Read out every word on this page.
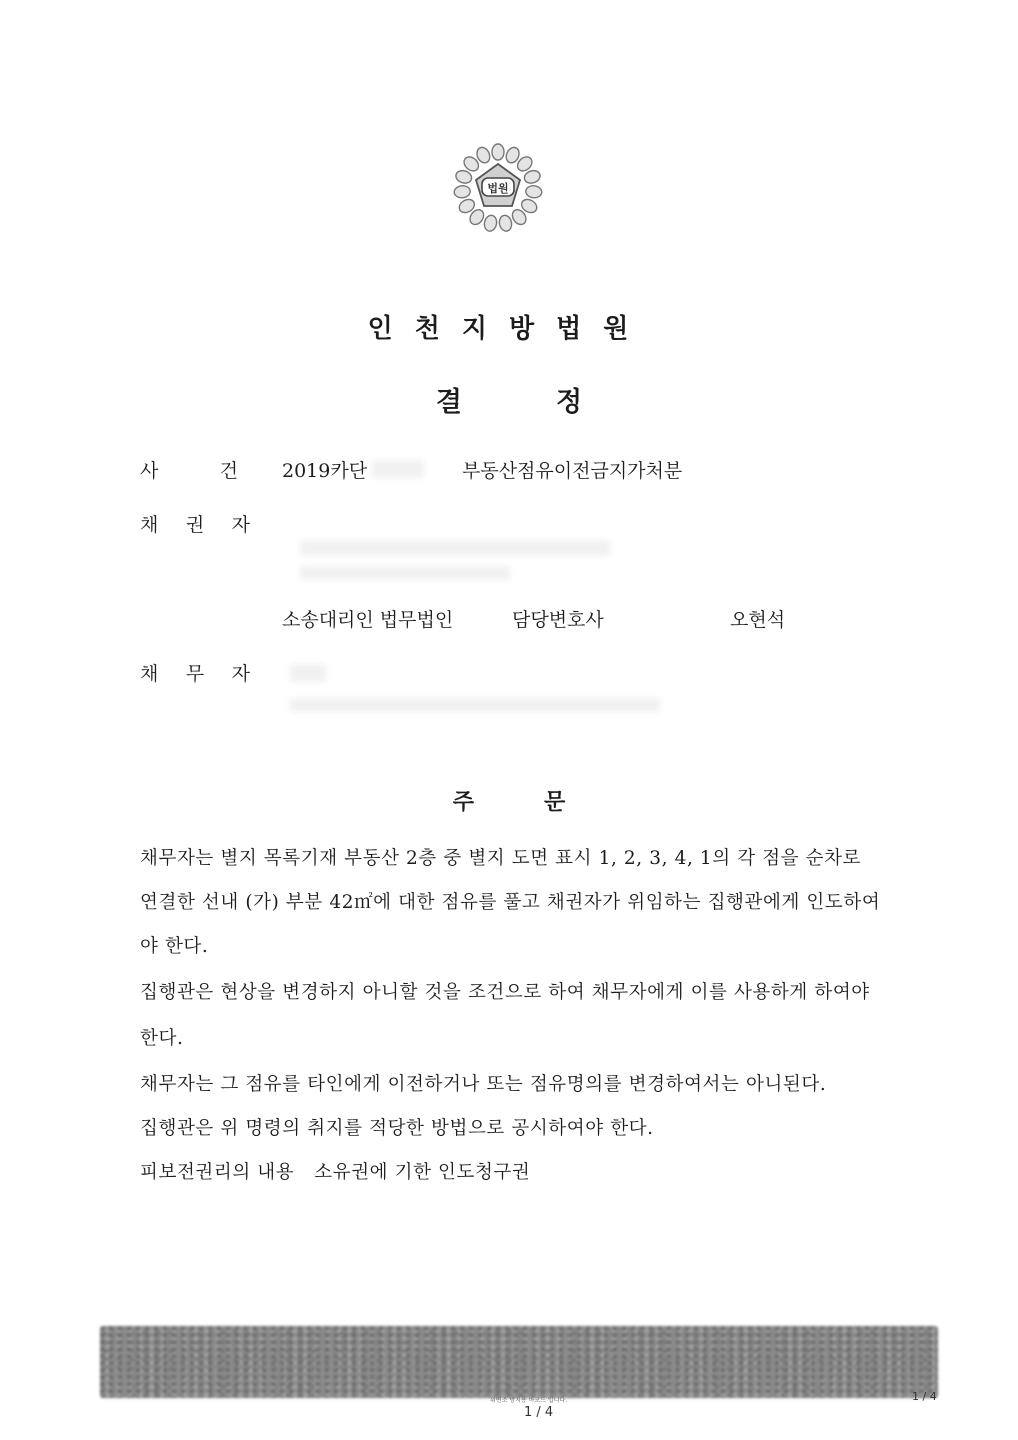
법원
인천지방법원
결	정
사	건 2019카단	부동산점유이전금지가처분
채 권 자
소송대리인 법무법인	담당변호사	오현석
채 무 자
주	문
채무자는 별지 목록기재 부동산 2층 중 별지 도면 표시 1, 2, 3, 4, 1의 각 점을 순차로
연결한 선내 (가) 부분 42㎡에 대한 점유를 풀고 채권자가 위임하는 집행관에게 인도하여
야 한다.
집행관은 현상을 변경하지 아니할 것을 조건으로 하여 채무자에게 이를 사용하게 하여야
한다.
채무자는 그 점유를 타인에게 이전하거나 또는 점유명의를 변경하여서는 아니된다.
집행관은 위 명령의 취지를 적당한 방법으로 공시하여야 한다.
피보전권리의 내용 소유권에 기한 인도청구권
위변조 방지용 바코드 입니다.
1 / 4
1 / 4
